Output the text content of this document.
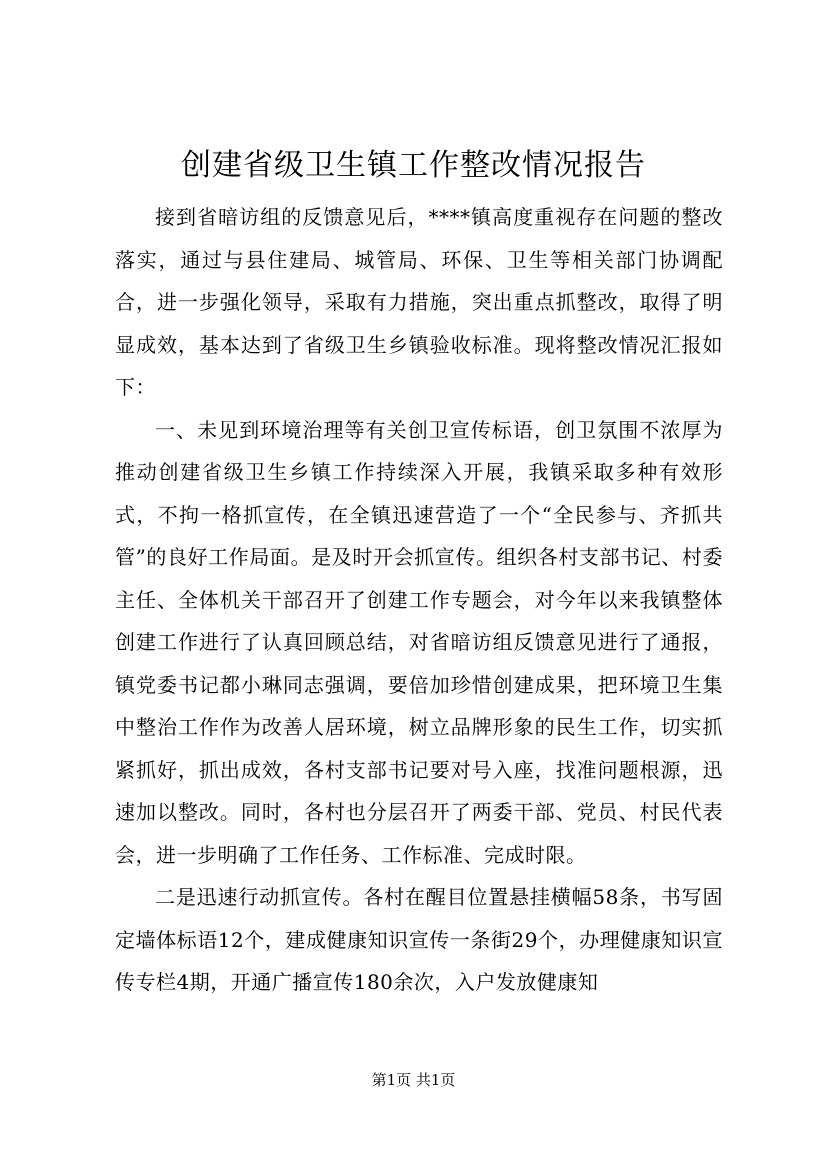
创建省级卫生镇工作整改情况报告

接到省暗访组的反馈意见后，****镇高度重视存在问题的整改落实，通过与县住建局、城管局、环保、卫生等相关部门协调配合，进一步强化领导，采取有力措施，突出重点抓整改，取得了明显成效，基本达到了省级卫生乡镇验收标准。现将整改情况汇报如下：

一、未见到环境治理等有关创卫宣传标语，创卫氛围不浓厚为推动创建省级卫生乡镇工作持续深入开展，我镇采取多种有效形式，不拘一格抓宣传，在全镇迅速营造了一个“全民参与、齐抓共管”的良好工作局面。是及时开会抓宣传。组织各村支部书记、村委主任、全体机关干部召开了创建工作专题会，对今年以来我镇整体创建工作进行了认真回顾总结，对省暗访组反馈意见进行了通报，镇党委书记都小琳同志强调，要倍加珍惜创建成果，把环境卫生集中整治工作作为改善人居环境，树立品牌形象的民生工作，切实抓紧抓好，抓出成效，各村支部书记要对号入座，找准问题根源，迅速加以整改。同时，各村也分层召开了两委干部、党员、村民代表会，进一步明确了工作任务、工作标准、完成时限。

二是迅速行动抓宣传。各村在醒目位置悬挂横幅58条，书写固定墙体标语12个，建成健康知识宣传一条街29个，办理健康知识宣传专栏4期，开通广播宣传180余次，入户发放健康知

第1页 共1页
